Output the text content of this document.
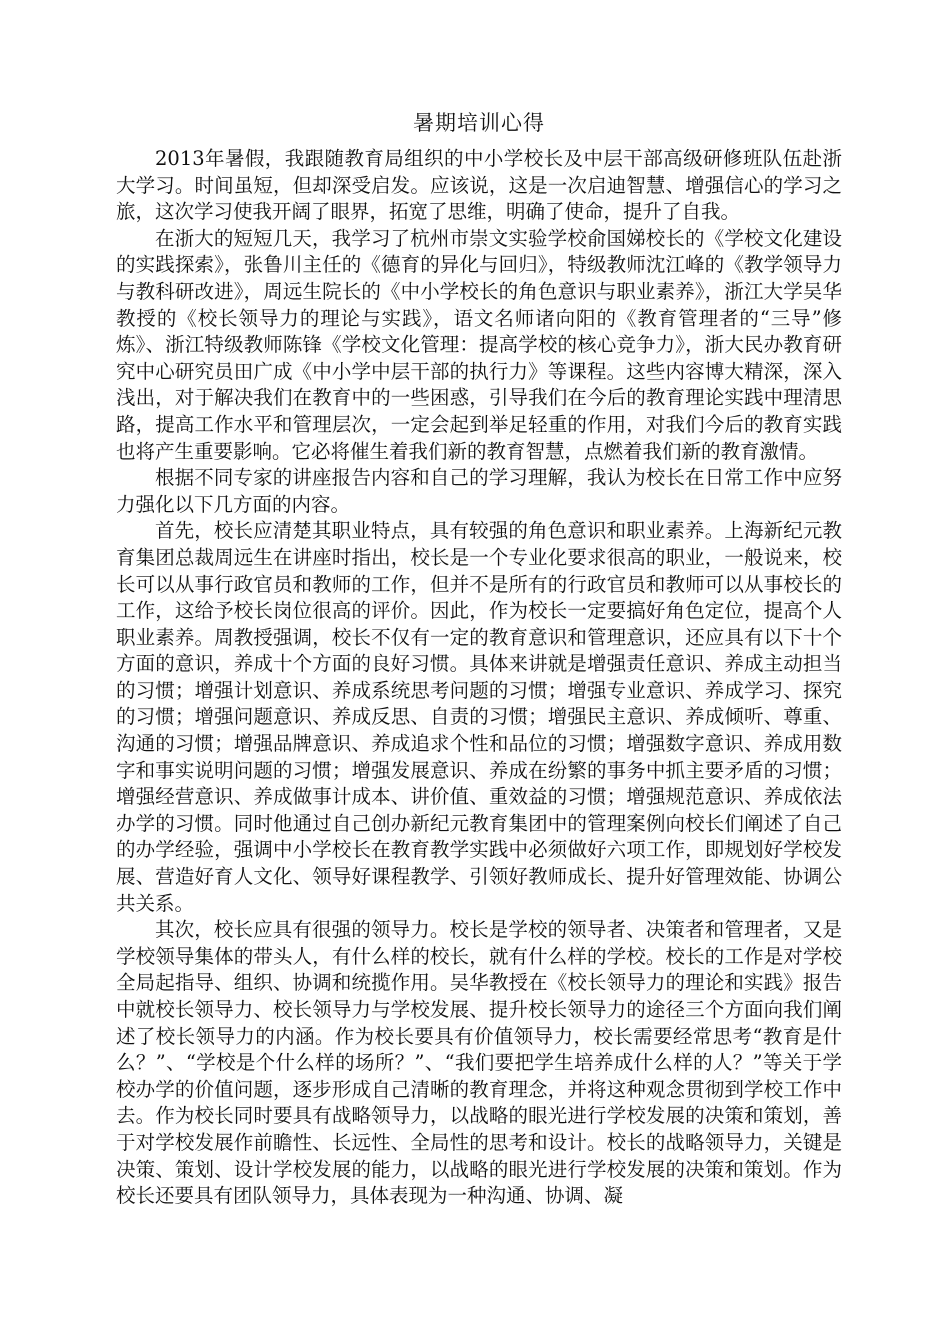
暑期培训心得

2013年暑假，我跟随教育局组织的中小学校长及中层干部高级研修班队伍赴浙大学习。时间虽短，但却深受启发。应该说，这是一次启迪智慧、增强信心的学习之旅，这次学习使我开阔了眼界，拓宽了思维，明确了使命，提升了自我。

在浙大的短短几天，我学习了杭州市崇文实验学校俞国娣校长的《学校文化建设的实践探索》，张鲁川主任的《德育的异化与回归》，特级教师沈江峰的《教学领导力与教科研改进》，周远生院长的《中小学校长的角色意识与职业素养》，浙江大学吴华教授的《校长领导力的理论与实践》，语文名师诸向阳的《教育管理者的“三导”修炼》、浙江特级教师陈锋《学校文化管理：提高学校的核心竞争力》，浙大民办教育研究中心研究员田广成《中小学中层干部的执行力》等课程。这些内容博大精深，深入浅出，对于解决我们在教育中的一些困惑，引导我们在今后的教育理论实践中理清思路，提高工作水平和管理层次，一定会起到举足轻重的作用，对我们今后的教育实践也将产生重要影响。它必将催生着我们新的教育智慧，点燃着我们新的教育激情。

根据不同专家的讲座报告内容和自己的学习理解，我认为校长在日常工作中应努力强化以下几方面的内容。

首先，校长应清楚其职业特点，具有较强的角色意识和职业素养。上海新纪元教育集团总裁周远生在讲座时指出，校长是一个专业化要求很高的职业，一般说来，校长可以从事行政官员和教师的工作，但并不是所有的行政官员和教师可以从事校长的工作，这给予校长岗位很高的评价。因此，作为校长一定要搞好角色定位，提高个人职业素养。周教授强调，校长不仅有一定的教育意识和管理意识，还应具有以下十个方面的意识，养成十个方面的良好习惯。具体来讲就是增强责任意识、养成主动担当的习惯；增强计划意识、养成系统思考问题的习惯；增强专业意识、养成学习、探究的习惯；增强问题意识、养成反思、自责的习惯；增强民主意识、养成倾听、尊重、沟通的习惯；增强品牌意识、养成追求个性和品位的习惯；增强数字意识、养成用数字和事实说明问题的习惯；增强发展意识、养成在纷繁的事务中抓主要矛盾的习惯；增强经营意识、养成做事计成本、讲价值、重效益的习惯；增强规范意识、养成依法办学的习惯。同时他通过自己创办新纪元教育集团中的管理案例向校长们阐述了自己的办学经验，强调中小学校长在教育教学实践中必须做好六项工作，即规划好学校发展、营造好育人文化、领导好课程教学、引领好教师成长、提升好管理效能、协调公共关系。

其次，校长应具有很强的领导力。校长是学校的领导者、决策者和管理者，又是学校领导集体的带头人，有什么样的校长，就有什么样的学校。校长的工作是对学校全局起指导、组织、协调和统揽作用。吴华教授在《校长领导力的理论和实践》报告中就校长领导力、校长领导力与学校发展、提升校长领导力的途径三个方面向我们阐述了校长领导力的内涵。作为校长要具有价值领导力，校长需要经常思考“教育是什么？”、“学校是个什么样的场所？”、“我们要把学生培养成什么样的人？”等关于学校办学的价值问题，逐步形成自己清晰的教育理念，并将这种观念贯彻到学校工作中去。作为校长同时要具有战略领导力，以战略的眼光进行学校发展的决策和策划，善于对学校发展作前瞻性、长远性、全局性的思考和设计。校长的战略领导力，关键是决策、策划、设计学校发展的能力，以战略的眼光进行学校发展的决策和策划。作为校长还要具有团队领导力，具体表现为一种沟通、协调、凝
